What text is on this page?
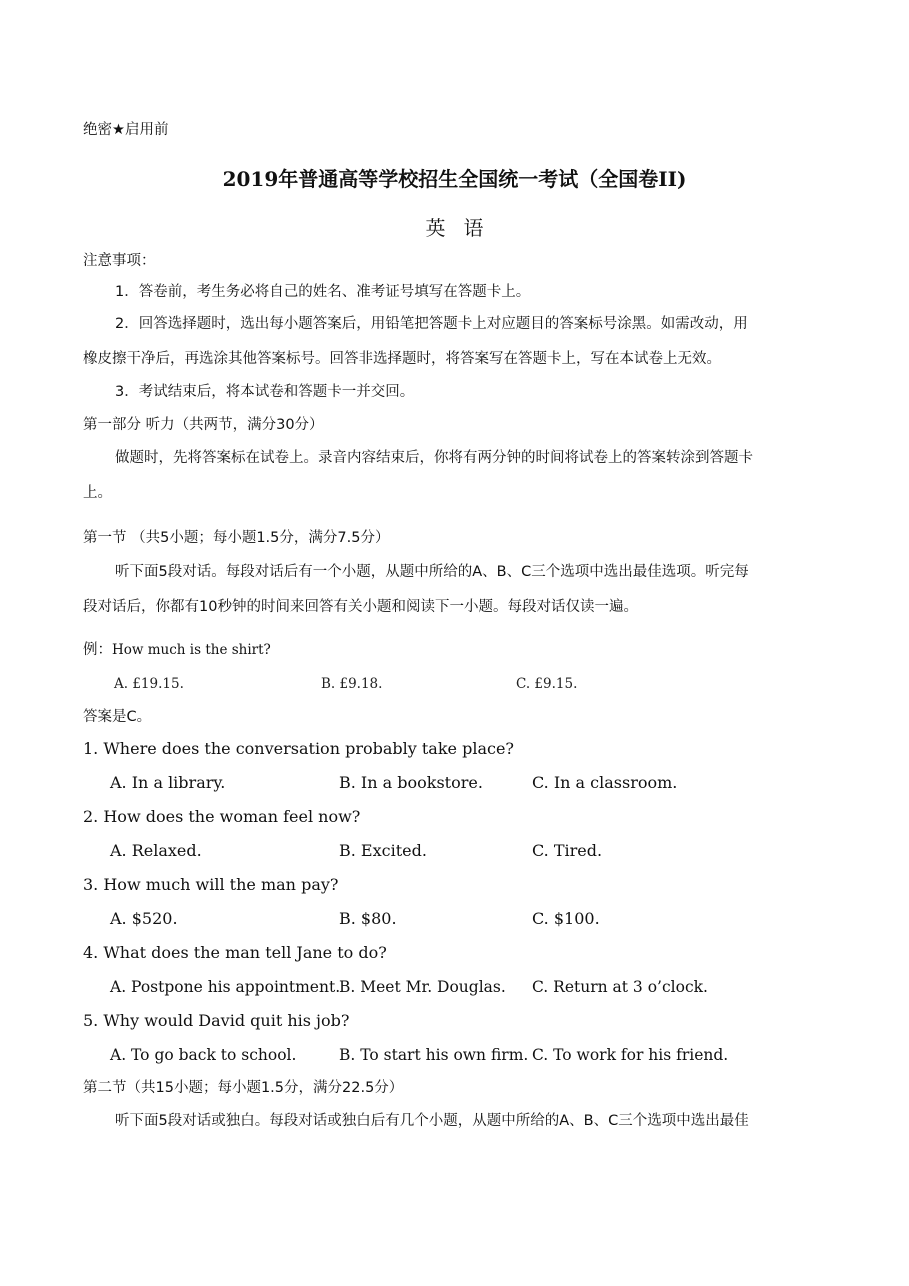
绝密★启用前
2019年普通高等学校招生全国统一考试（全国卷II)
英语
注意事项：
1．答卷前，考生务必将自己的姓名、准考证号填写在答题卡上。
2．回答选择题时，选出每小题答案后，用铅笔把答题卡上对应题目的答案标号涂黑。如需改动，用
橡皮擦干净后，再选涂其他答案标号。回答非选择题时，将答案写在答题卡上，写在本试卷上无效。
3．考试结束后，将本试卷和答题卡一并交回。
第一部分 听力（共两节，满分30分）
做题时，先将答案标在试卷上。录音内容结束后，你将有两分钟的时间将试卷上的答案转涂到答题卡
上。
第一节 （共5小题；每小题1.5分，满分7.5分）
听下面5段对话。每段对话后有一个小题，从题中所给的A、B、C三个选项中选出最佳选项。听完每
段对话后，你都有10秒钟的时间来回答有关小题和阅读下一小题。每段对话仅读一遍。
例：How much is the shirt?
A. £19.15.	B. £9.18.	C. £9.15.
答案是C。
1. Where does the conversation probably take place?
A. In a library.	B. In a bookstore.	C. In a classroom.
2. How does the woman feel now?
A. Relaxed.	B. Excited.	C. Tired.
3. How much will the man pay?
A. $520.	B. $80.	C. $100.
4. What does the man tell Jane to do?
A. Postpone his appointment.
B. Meet Mr. Douglas. C. Return at 3 o’clock.
5. Why would David quit his job?
A. To go back to school.	B. To start his own firm. C. To work for his friend.
第二节（共15小题；每小题1.5分，满分22.5分）
听下面5段对话或独白。每段对话或独白后有几个小题，从题中所给的A、B、C三个选项中选出最佳
